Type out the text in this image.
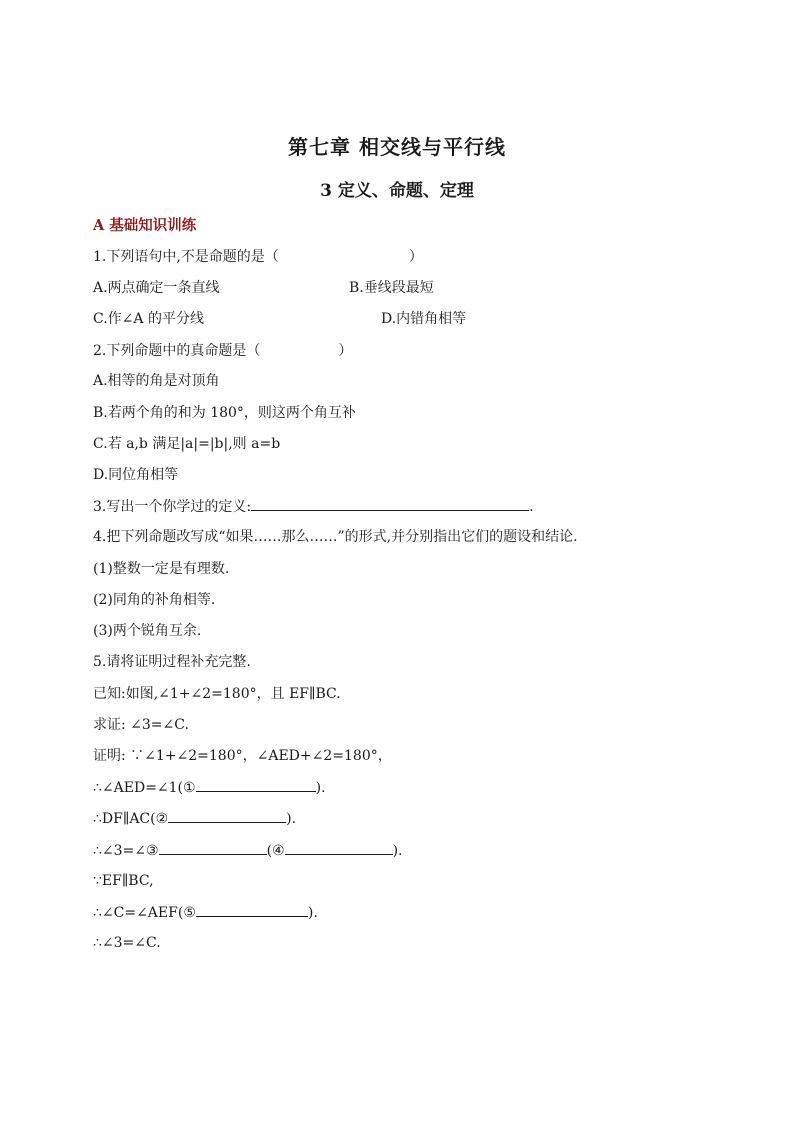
第七章 相交线与平行线
3 定义、命题、定理
A 基础知识训练
1.下列语句中,不是命题的是（	）
A.两点确定一条直线	B.垂线段最短
C.作∠A 的平分线	D.内错角相等
2.下列命题中的真命题是（	）
A.相等的角是对顶角
B.若两个角的和为 180°，则这两个角互补
C.若 a,b 满足|a|=|b|,则 a=b
D.同位角相等
3.写出一个你学过的定义:	.
4.把下列命题改写成“如果……那么……”的形式,并分别指出它们的题设和结论.
(1)整数一定是有理数.
(2)同角的补角相等.
(3)两个锐角互余.
5.请将证明过程补充完整.
已知:如图,∠1+∠2=180°，且 EF∥BC.
求证: ∠3=∠C.
证明: ∵∠1+∠2=180°，∠AED+∠2=180°，
∴∠AED=∠1(①	).
∴DF∥AC(②	).
∴∠3=∠③	(④	).
∵EF∥BC,
∴∠C=∠AEF(⑤	).
∴∠3=∠C.
